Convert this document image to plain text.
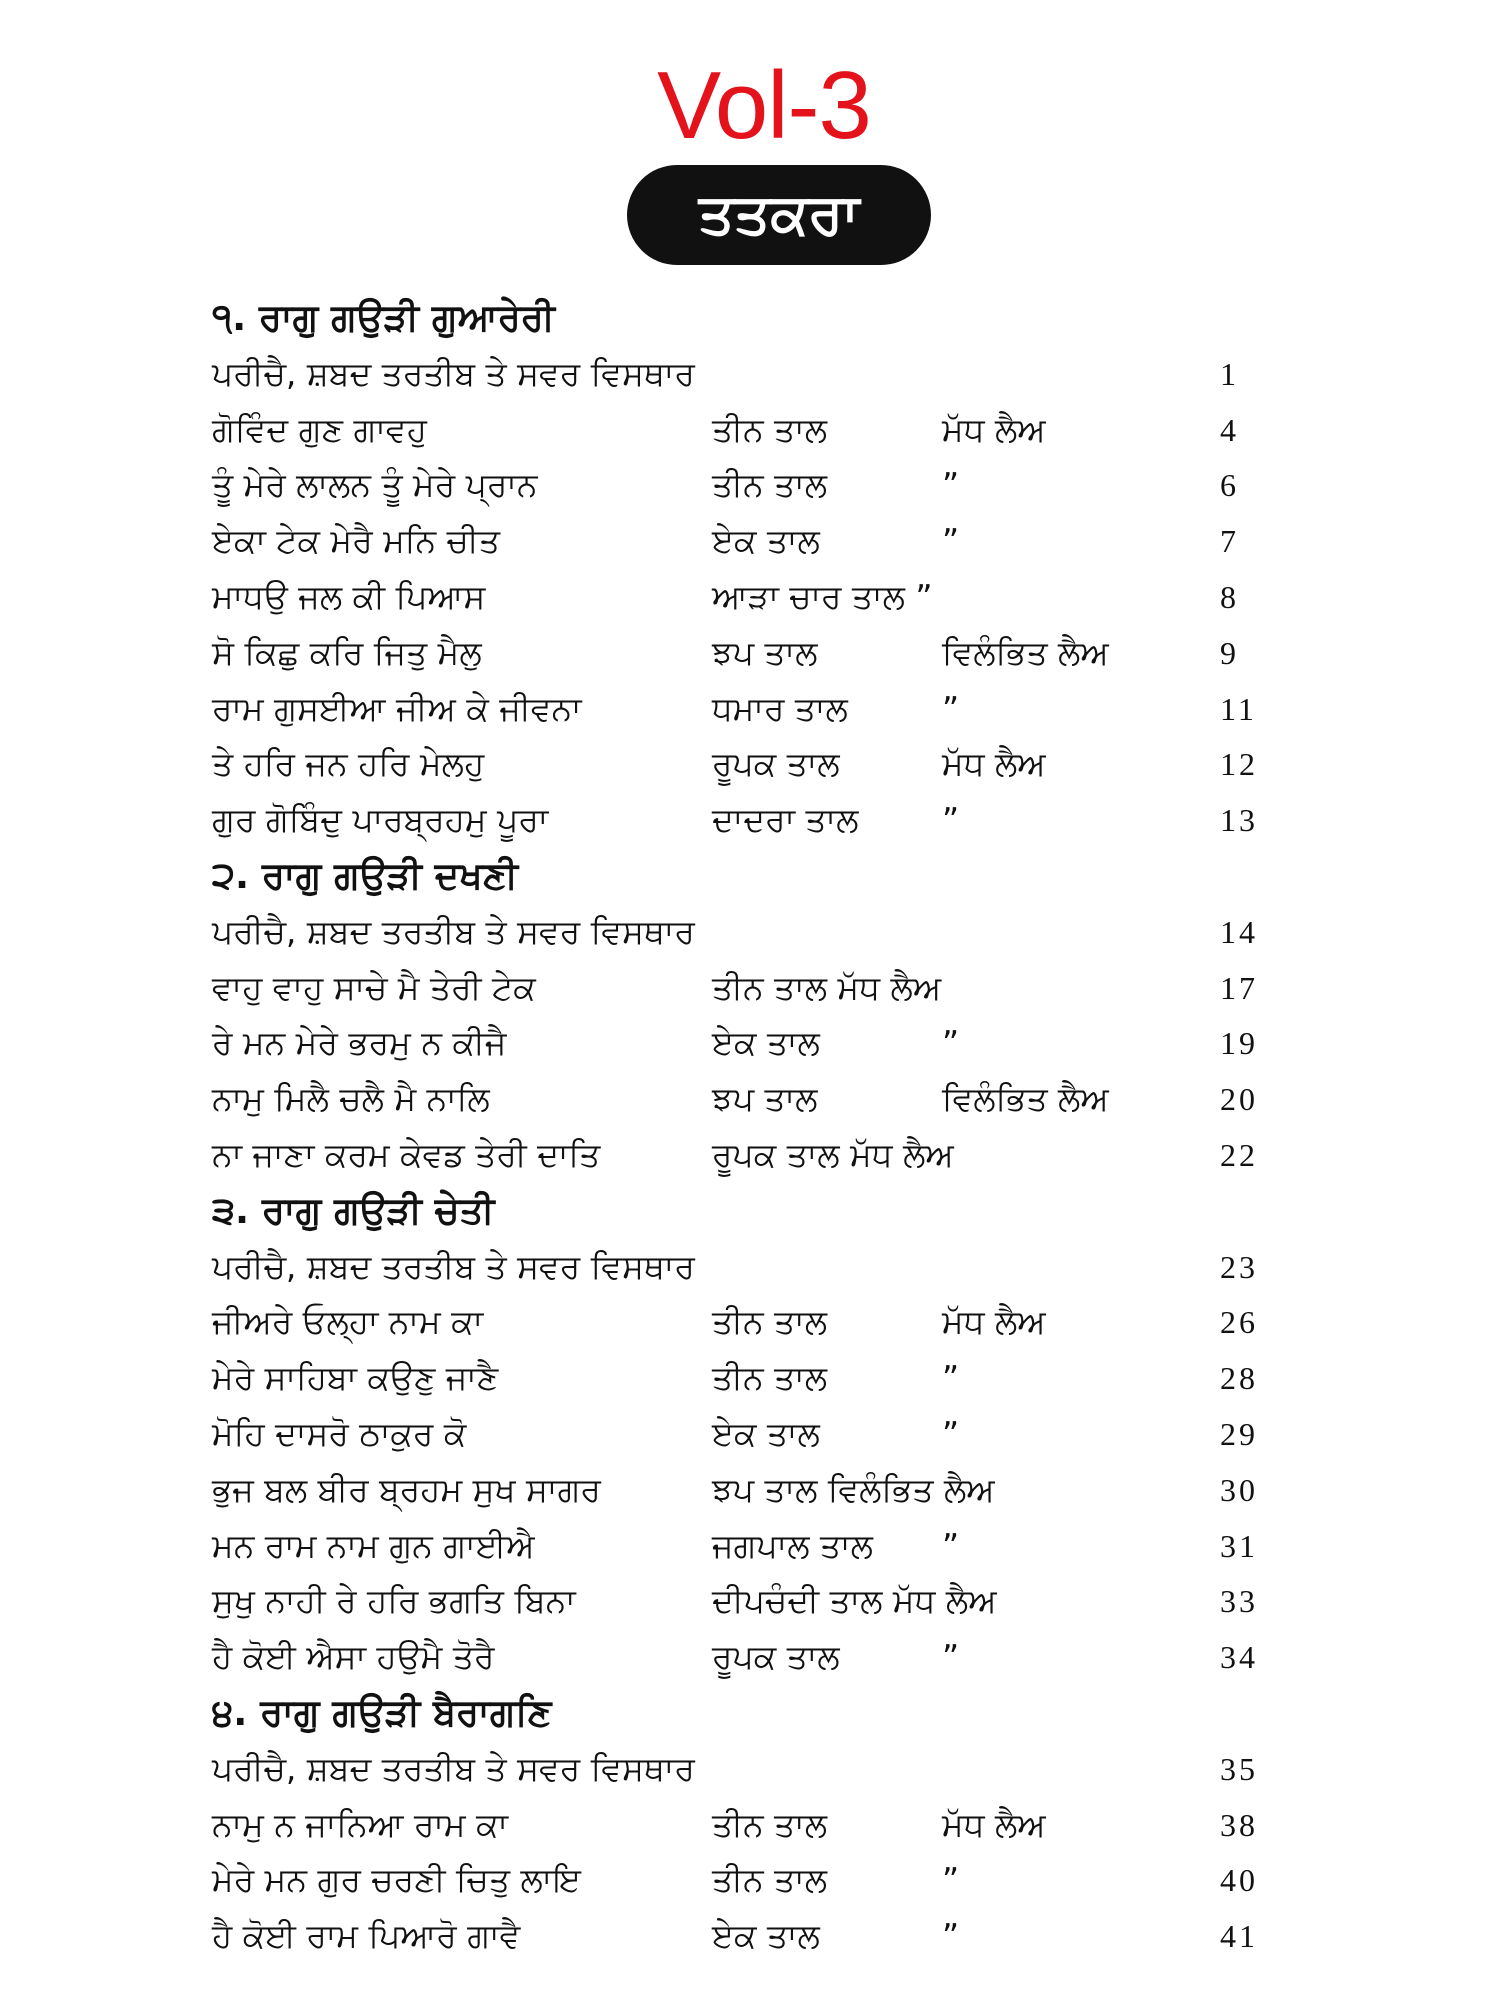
Vol-3
ਤਤਕਰਾ
੧. ਰਾਗੁ ਗਉੜੀ ਗੁਆਰੇਰੀ
ਪਰੀਚੈ, ਸ਼ਬਦ ਤਰਤੀਬ ਤੇ ਸਵਰ ਵਿਸਥਾਰ	1
ਗੋਵਿੰਦ ਗੁਣ ਗਾਵਹੁ	ਤੀਨ ਤਾਲ	ਮੱਧ ਲੈਅ	4
ਤੂੰ ਮੇਰੇ ਲਾਲਨ ਤੂੰ ਮੇਰੇ ਪ੍ਰਾਨ	ਤੀਨ ਤਾਲ	”	6
ਏਕਾ ਟੇਕ ਮੇਰੈ ਮਨਿ ਚੀਤ	ਏਕ ਤਾਲ	”	7
ਮਾਧਉ ਜਲ ਕੀ ਪਿਆਸ	ਆੜਾ ਚਾਰ ਤਾਲ ”	8
ਸੋ ਕਿਛੁ ਕਰਿ ਜਿਤੁ ਮੈਲੁ	ਝਪ ਤਾਲ	ਵਿਲੰਭਿਤ ਲੈਅ	9
ਰਾਮ ਗੁਸਈਆ ਜੀਅ ਕੇ ਜੀਵਨਾ	ਧਮਾਰ ਤਾਲ	”	11
ਤੇ ਹਰਿ ਜਨ ਹਰਿ ਮੇਲਹੁ	ਰੂਪਕ ਤਾਲ	ਮੱਧ ਲੈਅ	12
ਗੁਰ ਗੋਬਿੰਦੁ ਪਾਰਬ੍ਰਹਮੁ ਪੂਰਾ	ਦਾਦਰਾ ਤਾਲ	”	13
੨. ਰਾਗੁ ਗਉੜੀ ਦਖਣੀ
ਪਰੀਚੈ, ਸ਼ਬਦ ਤਰਤੀਬ ਤੇ ਸਵਰ ਵਿਸਥਾਰ	14
ਵਾਹੁ ਵਾਹੁ ਸਾਚੇ ਮੈ ਤੇਰੀ ਟੇਕ	ਤੀਨ ਤਾਲ ਮੱਧ ਲੈਅ	17
ਰੇ ਮਨ ਮੇਰੇ ਭਰਮੁ ਨ ਕੀਜੈ	ਏਕ ਤਾਲ	”	19
ਨਾਮੁ ਮਿਲੈ ਚਲੈ ਮੈ ਨਾਲਿ	ਝਪ ਤਾਲ	ਵਿਲੰਭਿਤ ਲੈਅ	20
ਨਾ ਜਾਣਾ ਕਰਮ ਕੇਵਡ ਤੇਰੀ ਦਾਤਿ	ਰੂਪਕ ਤਾਲ ਮੱਧ ਲੈਅ	22
੩. ਰਾਗੁ ਗਉੜੀ ਚੇਤੀ
ਪਰੀਚੈ, ਸ਼ਬਦ ਤਰਤੀਬ ਤੇ ਸਵਰ ਵਿਸਥਾਰ	23
ਜੀਅਰੇ ਓਲ੍ਹਾ ਨਾਮ ਕਾ	ਤੀਨ ਤਾਲ	ਮੱਧ ਲੈਅ	26
ਮੇਰੇ ਸਾਹਿਬਾ ਕਉਣੁ ਜਾਣੈ	ਤੀਨ ਤਾਲ	”	28
ਮੋਹਿ ਦਾਸਰੋ ਠਾਕੁਰ ਕੋ	ਏਕ ਤਾਲ	”	29
ਭੁਜ ਬਲ ਬੀਰ ਬ੍ਰਹਮ ਸੁਖ ਸਾਗਰ	ਝਪ ਤਾਲ ਵਿਲੰਭਿਤ ਲੈਅ	30
ਮਨ ਰਾਮ ਨਾਮ ਗੁਨ ਗਾਈਐ	ਜਗਪਾਲ ਤਾਲ ”	31
ਸੁਖੁ ਨਾਹੀ ਰੇ ਹਰਿ ਭਗਤਿ ਬਿਨਾ	ਦੀਪਚੰਦੀ ਤਾਲ ਮੱਧ ਲੈਅ	33
ਹੈ ਕੋਈ ਐਸਾ ਹਉਮੈ ਤੋਰੈ	ਰੂਪਕ ਤਾਲ	”	34
੪. ਰਾਗੁ ਗਉੜੀ ਬੈਰਾਗਣਿ
ਪਰੀਚੈ, ਸ਼ਬਦ ਤਰਤੀਬ ਤੇ ਸਵਰ ਵਿਸਥਾਰ	35
ਨਾਮੁ ਨ ਜਾਨਿਆ ਰਾਮ ਕਾ	ਤੀਨ ਤਾਲ	ਮੱਧ ਲੈਅ	38
ਮੇਰੇ ਮਨ ਗੁਰ ਚਰਣੀ ਚਿਤੁ ਲਾਇ	ਤੀਨ ਤਾਲ	”	40
ਹੈ ਕੋਈ ਰਾਮ ਪਿਆਰੋ ਗਾਵੈ	ਏਕ ਤਾਲ	”	41
